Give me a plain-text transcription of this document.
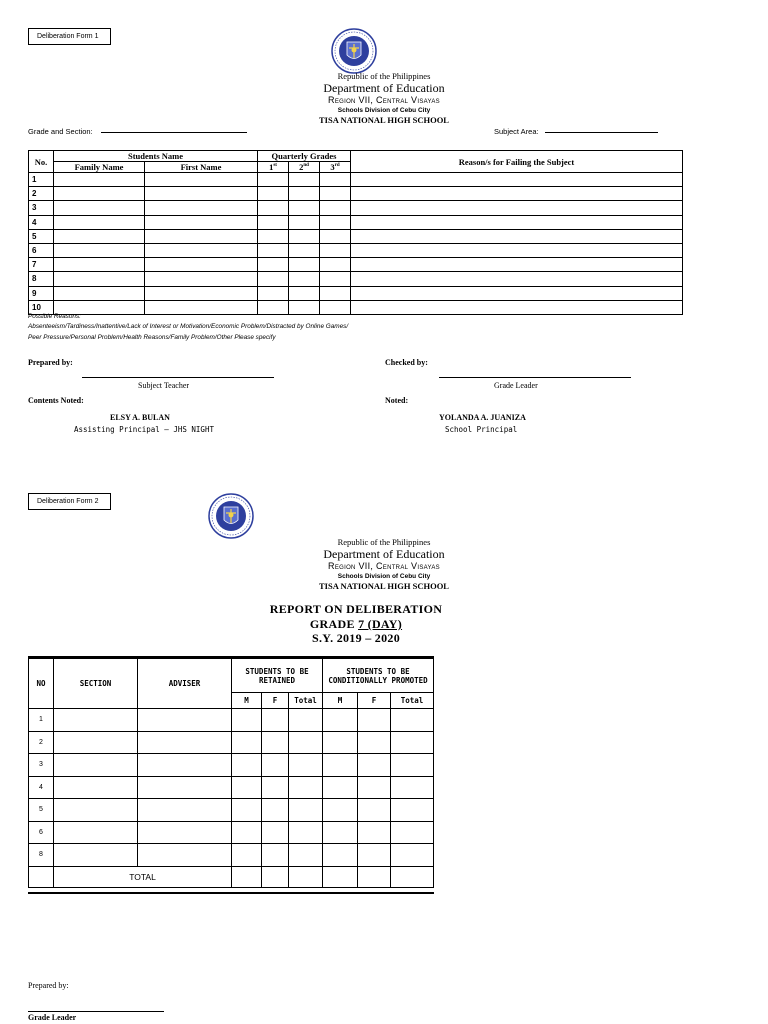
Deliberation Form 1
Republic of the Philippines
Department of Education
Region VII, Central Visayas
Schools Division of Cebu City
TISA NATIONAL HIGH SCHOOL
Grade and Section:	Subject Area:
No.	Students Name		Quarterly Grades			Reason/s for Failing the Subject
	Family Name	First Name	1st	2nd	3rd
1						
2						
3						
4						
5						
6						
7						
8						
9						
10						
Possible Reasons:
Absenteeism/Tardiness/Inattentive/Lack of Interest or Motivation/Economic Problem/Distracted by Online Games/
Peer Pressure/Personal Problem/Health Reasons/Family Problem/Other Please specify
Prepared by:	Checked by:
Subject Teacher	Grade Leader
Contents Noted:	Noted:
ELSY A. BULAN	YOLANDA A. JUANIZA
Assisting Principal – JHS NIGHT	School Principal
Deliberation Form 2
Republic of the Philippines
Department of Education
Region VII, Central Visayas
Schools Division of Cebu City
TISA NATIONAL HIGH SCHOOL
REPORT ON DELIBERATION
GRADE 7 (DAY)
S.Y. 2019 – 2020
NO	SECTION	ADVISER	STUDENTS TO BE RETAINED			STUDENTS TO BE CONDITIONALLY PROMOTED		
			M	F	Total	M	F	Total
1								
2								
3								
4								
5								
6								
8								
	TOTAL							
Prepared by:
Grade Leader
